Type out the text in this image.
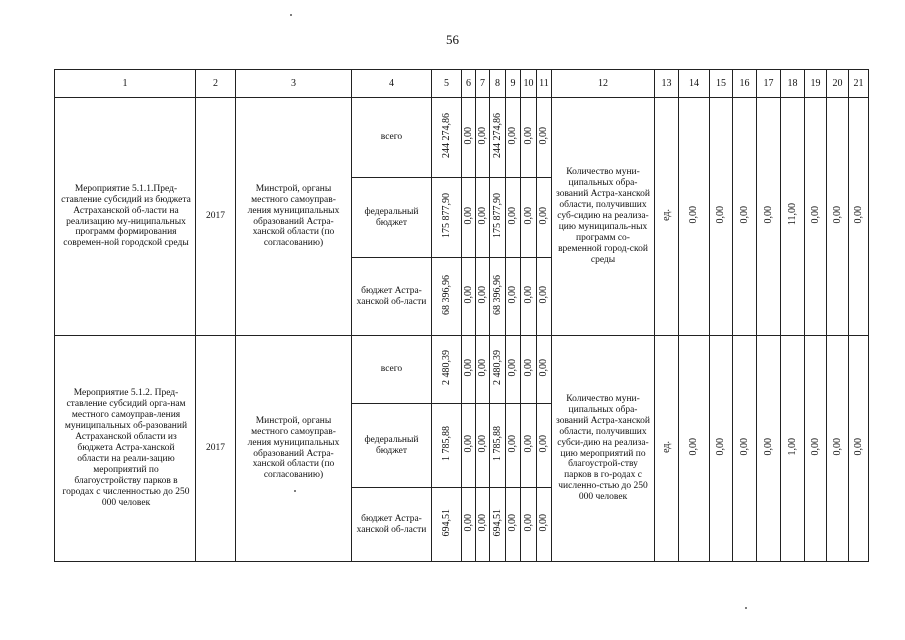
56
1	2	3	4	5	6	7	8	9	10	11	12	13	14	15	16	17	18	19	20	21
Мероприятие 5.1.1.Пред-ставление субсидий из бюджета Астраханской об-ласти на реализацию му-ниципальных программ формирования современ-ной городской среды	2017	Минстрой, органы местного самоуправ-ления муниципальных образований Астра-ханской области (по согласованию)	всего	244 274,86	0,00	0,00	244 274,86	0,00	0,00	0,00	Количество муни-ципальных обра-зований Астра-ханской области, получивших суб-сидию на реализа-цию муниципаль-ных программ со-временной город-ской среды	ед.	0,00	0,00	0,00	0,00	11,00	0,00	0,00	0,00
			федеральный бюджет	175 877,90	0,00	0,00	175 877,90	0,00	0,00	0,00										
			бюджет Астра-ханской об-ласти	68 396,96	0,00	0,00	68 396,96	0,00	0,00	0,00										
Мероприятие 5.1.2. Пред-ставление субсидий орга-нам местного самоуправ-ления муниципальных об-разований Астраханской области из бюджета Астра-ханской области на реали-зацию мероприятий по благоустройству парков в городах с численностью до 250 000 человек	2017	Минстрой, органы местного самоуправ-ления муниципальных образований Астра-ханской области (по согласованию)	всего	2 480,39	0,00	0,00	2 480,39	0,00	0,00	0,00	Количество муни-ципальных обра-зований Астра-ханской области, получивших субси-дию на реализа-цию мероприятий по благоустрой-ству парков в го-родах с численно-стью до 250 000 человек	ед.	0,00	0,00	0,00	0,00	1,00	0,00	0,00	0,00
			федеральный бюджет	1 785,88	0,00	0,00	1 785,88	0,00	0,00	0,00										
			бюджет Астра-ханской об-ласти	694,51	0,00	0,00	694,51	0,00	0,00	0,00										
